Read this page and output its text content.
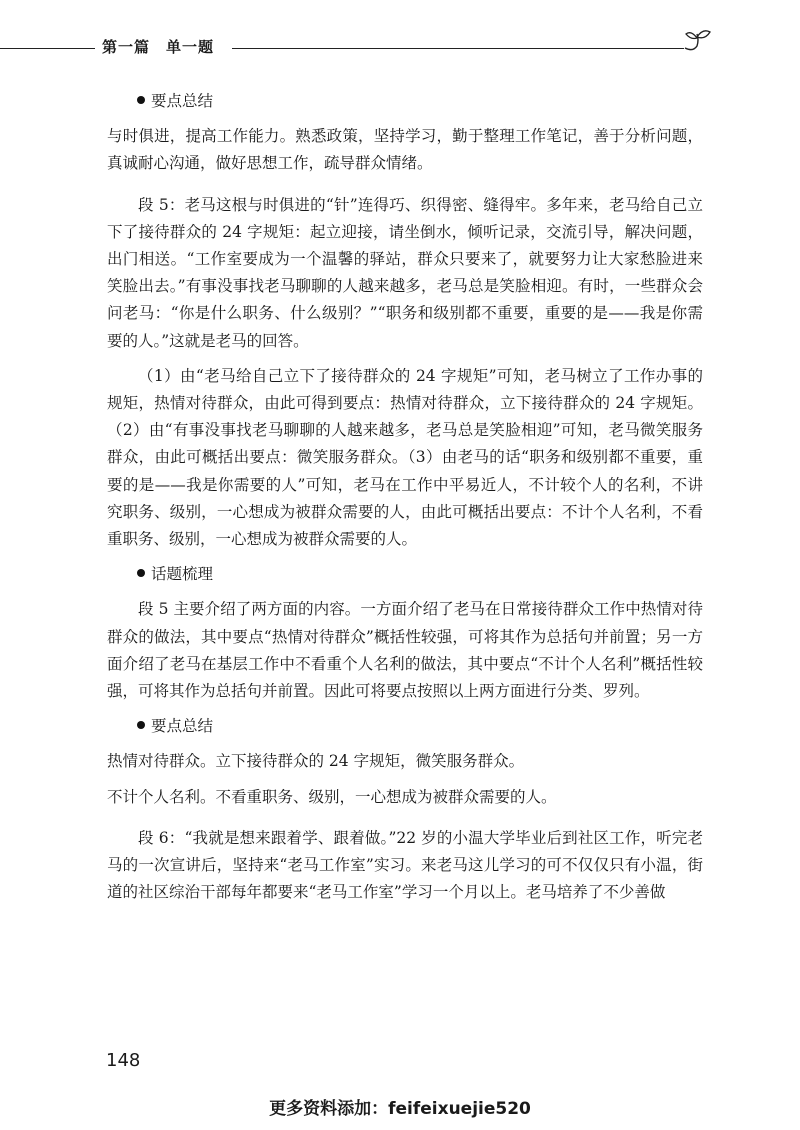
第一篇　单一题

要点总结

与时俱进，提高工作能力。熟悉政策，坚持学习，勤于整理工作笔记，善于分析问题，真诚耐心沟通，做好思想工作，疏导群众情绪。

段 5：老马这根与时俱进的“针”连得巧、织得密、缝得牢。多年来，老马给自己立下了接待群众的 24 字规矩：起立迎接，请坐倒水，倾听记录，交流引导，解决问题，出门相送。“工作室要成为一个温馨的驿站，群众只要来了，就要努力让大家愁脸进来笑脸出去。”有事没事找老马聊聊的人越来越多，老马总是笑脸相迎。有时，一些群众会问老马：“你是什么职务、什么级别？”“职务和级别都不重要，重要的是——我是你需要的人。”这就是老马的回答。

（1）由“老马给自己立下了接待群众的 24 字规矩”可知，老马树立了工作办事的规矩，热情对待群众，由此可得到要点：热情对待群众，立下接待群众的 24 字规矩。（2）由“有事没事找老马聊聊的人越来越多，老马总是笑脸相迎”可知，老马微笑服务群众，由此可概括出要点：微笑服务群众。（3）由老马的话“职务和级别都不重要，重要的是——我是你需要的人”可知，老马在工作中平易近人，不计较个人的名利，不讲究职务、级别，一心想成为被群众需要的人，由此可概括出要点：不计个人名利，不看重职务、级别，一心想成为被群众需要的人。

话题梳理

段 5 主要介绍了两方面的内容。一方面介绍了老马在日常接待群众工作中热情对待群众的做法，其中要点“热情对待群众”概括性较强，可将其作为总括句并前置；另一方面介绍了老马在基层工作中不看重个人名利的做法，其中要点“不计个人名利”概括性较强，可将其作为总括句并前置。因此可将要点按照以上两方面进行分类、罗列。

要点总结

热情对待群众。立下接待群众的 24 字规矩，微笑服务群众。

不计个人名利。不看重职务、级别，一心想成为被群众需要的人。

段 6：“我就是想来跟着学、跟着做。”22 岁的小温大学毕业后到社区工作，听完老马的一次宣讲后，坚持来“老马工作室”实习。来老马这儿学习的可不仅仅只有小温，街道的社区综治干部每年都要来“老马工作室”学习一个月以上。老马培养了不少善做

148
更多资料添加：feifeixuejie520
